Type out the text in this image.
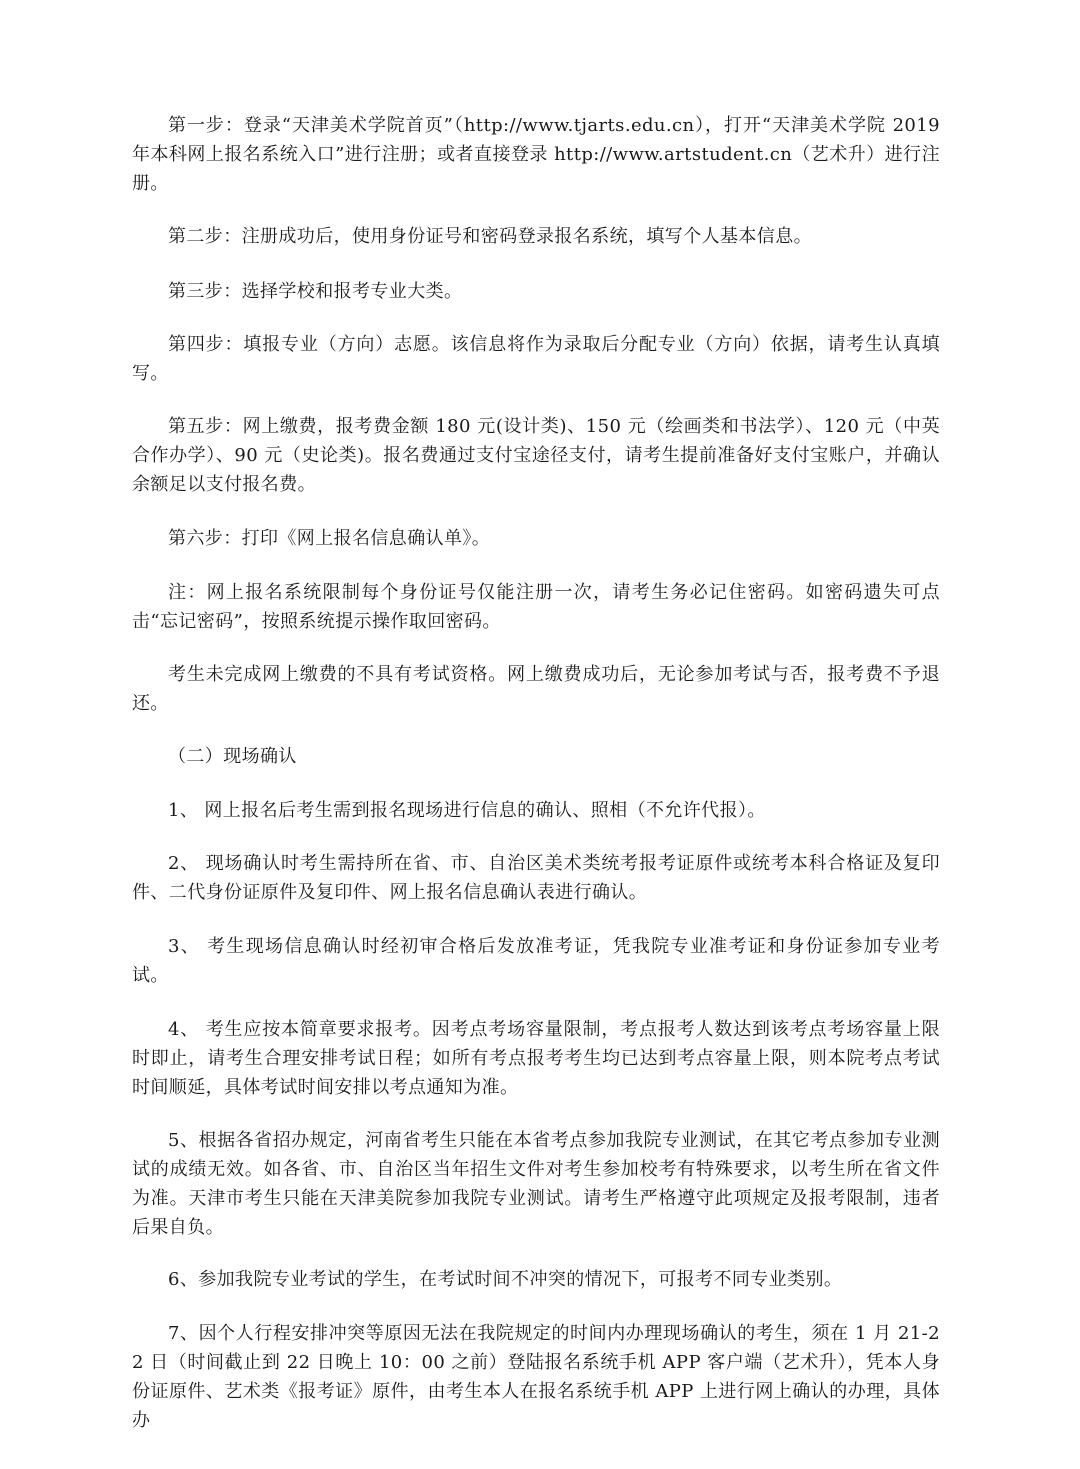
第一步：登录“天津美术学院首页”（http://www.tjarts.edu.cn），打开“天津美术学院 2019 年本科网上报名系统入口”进行注册；或者直接登录 http://www.artstudent.cn（艺术升）进行注册。

第二步：注册成功后，使用身份证号和密码登录报名系统，填写个人基本信息。

第三步：选择学校和报考专业大类。

第四步：填报专业（方向）志愿。该信息将作为录取后分配专业（方向）依据，请考生认真填写。

第五步：网上缴费，报考费金额 180 元(设计类)、150 元（绘画类和书法学）、120 元（中英合作办学）、90 元（史论类)。报名费通过支付宝途径支付，请考生提前准备好支付宝账户，并确认余额足以支付报名费。

第六步：打印《网上报名信息确认单》。

注：网上报名系统限制每个身份证号仅能注册一次，请考生务必记住密码。如密码遗失可点击“忘记密码”，按照系统提示操作取回密码。

考生未完成网上缴费的不具有考试资格。网上缴费成功后，无论参加考试与否，报考费不予退还。

（二）现场确认

1、 网上报名后考生需到报名现场进行信息的确认、照相（不允许代报）。

2、 现场确认时考生需持所在省、市、自治区美术类统考报考证原件或统考本科合格证及复印件、二代身份证原件及复印件、网上报名信息确认表进行确认。

3、 考生现场信息确认时经初审合格后发放准考证，凭我院专业准考证和身份证参加专业考试。

4、 考生应按本简章要求报考。因考点考场容量限制，考点报考人数达到该考点考场容量上限时即止，请考生合理安排考试日程；如所有考点报考考生均已达到考点容量上限，则本院考点考试时间顺延，具体考试时间安排以考点通知为准。

5、根据各省招办规定，河南省考生只能在本省考点参加我院专业测试，在其它考点参加专业测试的成绩无效。如各省、市、自治区当年招生文件对考生参加校考有特殊要求，以考生所在省文件为准。天津市考生只能在天津美院参加我院专业测试。请考生严格遵守此项规定及报考限制，违者后果自负。

6、参加我院专业考试的学生，在考试时间不冲突的情况下，可报考不同专业类别。

7、因个人行程安排冲突等原因无法在我院规定的时间内办理现场确认的考生，须在 1 月 21-22 日（时间截止到 22 日晚上 10：00 之前）登陆报名系统手机 APP 客户端（艺术升），凭本人身份证原件、艺术类《报考证》原件，由考生本人在报名系统手机 APP 上进行网上确认的办理，具体办
